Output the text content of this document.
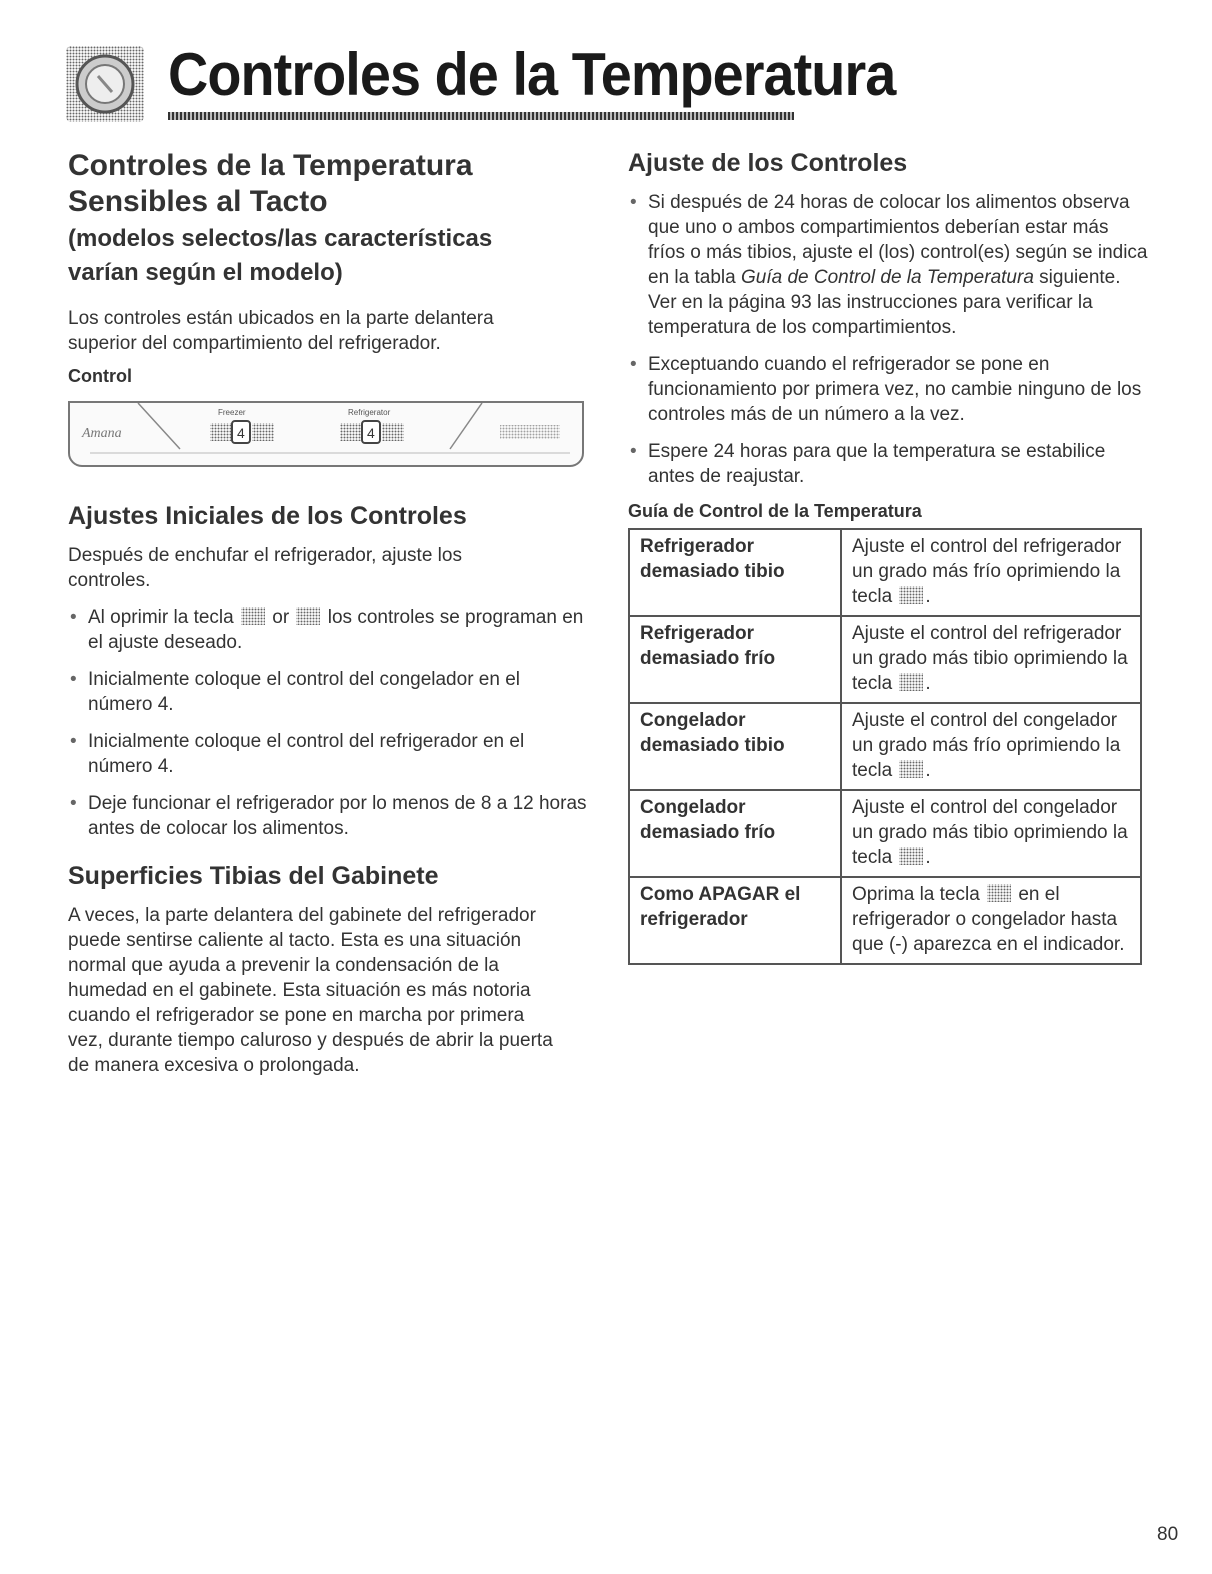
Controles de la Temperatura
Controles de la Temperatura
Sensibles al Tacto
(modelos selectos/las características
varían según el modelo)

Los controles están ubicados en la parte delantera superior del compartimiento del refrigerador.

Control
Amana
Freezer	Refrigerator
4	4
Ajustes Iniciales de los Controles

Después de enchufar el refrigerador, ajuste los controles.

• Al oprimir la tecla or los controles se programan en el ajuste deseado.
• Inicialmente coloque el control del congelador en el número 4.
• Inicialmente coloque el control del refrigerador en el número 4.
• Deje funcionar el refrigerador por lo menos de 8 a 12 horas antes de colocar los alimentos.
Superficies Tibias del Gabinete

A veces, la parte delantera del gabinete del refrigerador puede sentirse caliente al tacto. Esta es una situación normal que ayuda a prevenir la condensación de la humedad en el gabinete. Esta situación es más notoria cuando el refrigerador se pone en marcha por primera vez, durante tiempo caluroso y después de abrir la puerta de manera excesiva o prolongada.

Ajuste de los Controles
• Si después de 24 horas de colocar los alimentos observa que uno o ambos compartimientos deberían estar más fríos o más tibios, ajuste el (los) control(es) según se indica en la tabla Guía de Control de la Temperatura siguiente. Ver en la página 93 las instrucciones para verificar la temperatura de los compartimientos.
• Exceptuando cuando el refrigerador se pone en funcionamiento por primera vez, no cambie ninguno de los controles más de un número a la vez.
• Espere 24 horas para que la temperatura se estabilice antes de reajustar.
Guía de Control de la Temperatura
Refrigerador demasiado tibio	Ajuste el control del refrigerador un grado más frío oprimiendo la tecla .
Refrigerador demasiado frío	Ajuste el control del refrigerador un grado más tibio oprimiendo la tecla .
Congelador demasiado tibio	Ajuste el control del congelador un grado más frío oprimiendo la tecla .
Congelador demasiado frío	Ajuste el control del congelador un grado más tibio oprimiendo la tecla .
Como APAGAR el refrigerador	Oprima la tecla en el refrigerador o congelador hasta que (-) aparezca en el indicador.
80
